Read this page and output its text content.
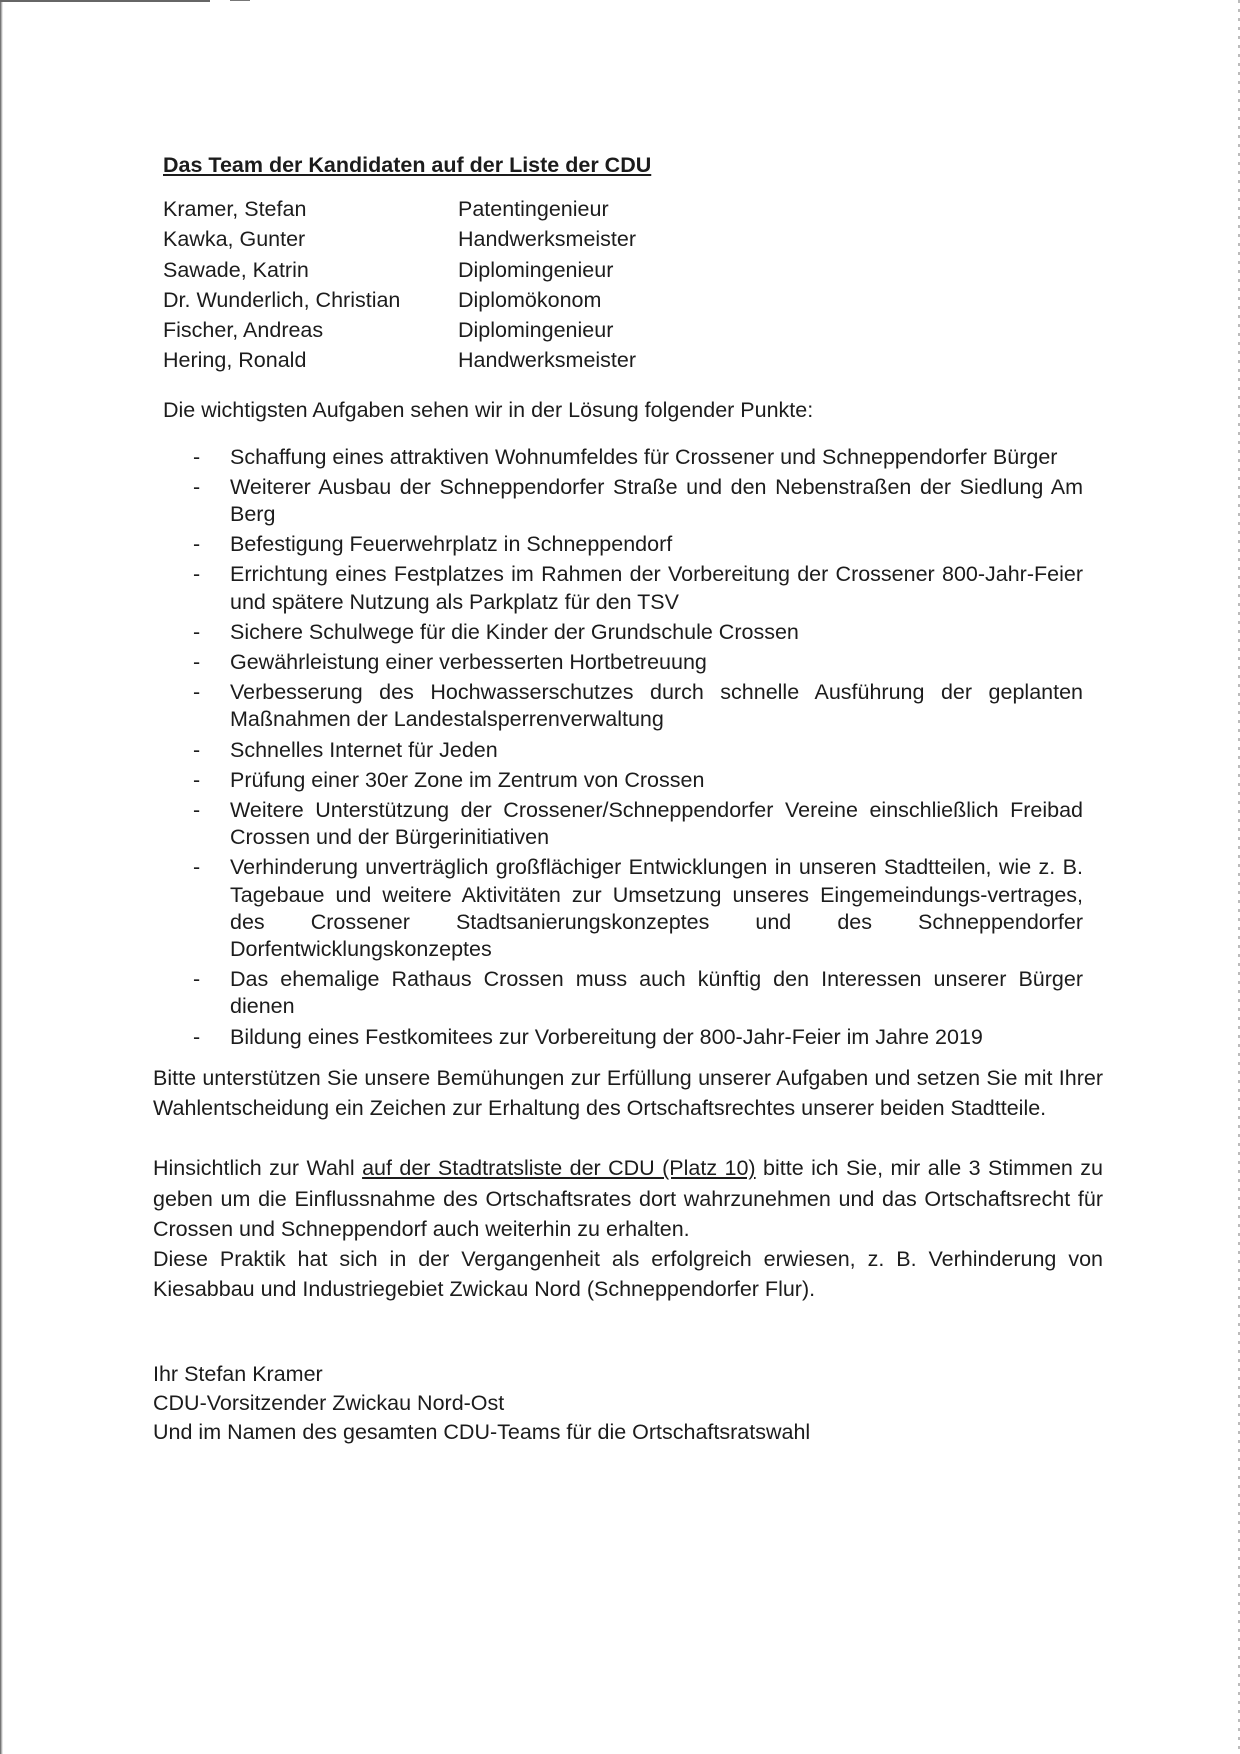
Das Team der Kandidaten auf der Liste der CDU
Kramer, Stefan	Patentingenieur
Kawka, Gunter	Handwerksmeister
Sawade, Katrin	Diplomingenieur
Dr. Wunderlich, Christian	Diplomökonom
Fischer, Andreas	Diplomingenieur
Hering, Ronald	Handwerksmeister
Die wichtigsten Aufgaben sehen wir in der Lösung folgender Punkte:
- Schaffung eines attraktiven Wohnumfeldes für Crossener und Schneppendorfer Bürger
- Weiterer Ausbau der Schneppendorfer Straße und den Nebenstraßen der Siedlung Am Berg
- Befestigung Feuerwehrplatz in Schneppendorf
- Errichtung eines Festplatzes im Rahmen der Vorbereitung der Crossener 800-Jahr-Feier und spätere Nutzung als Parkplatz für den TSV
- Sichere Schulwege für die Kinder der Grundschule Crossen
- Gewährleistung einer verbesserten Hortbetreuung
- Verbesserung des Hochwasserschutzes durch schnelle Ausführung der geplanten Maßnahmen der Landestalsperrenverwaltung
- Schnelles Internet für Jeden
- Prüfung einer 30er Zone im Zentrum von Crossen
- Weitere Unterstützung der Crossener/Schneppendorfer Vereine einschließlich Freibad Crossen und der Bürgerinitiativen
- Verhinderung unverträglich großflächiger Entwicklungen in unseren Stadtteilen, wie z. B. Tagebaue und weitere Aktivitäten zur Umsetzung unseres Eingemeindungs-vertrages, des Crossener Stadtsanierungskonzeptes und des Schneppendorfer Dorfentwicklungskonzeptes
- Das ehemalige Rathaus Crossen muss auch künftig den Interessen unserer Bürger dienen
- Bildung eines Festkomitees zur Vorbereitung der 800-Jahr-Feier im Jahre 2019

Bitte unterstützen Sie unsere Bemühungen zur Erfüllung unserer Aufgaben und setzen Sie mit Ihrer Wahlentscheidung ein Zeichen zur Erhaltung des Ortschaftsrechtes unserer beiden Stadtteile.

Hinsichtlich zur Wahl auf der Stadtratsliste der CDU (Platz 10) bitte ich Sie, mir alle 3 Stimmen zu geben um die Einflussnahme des Ortschaftsrates dort wahrzunehmen und das Ortschaftsrecht für Crossen und Schneppendorf auch weiterhin zu erhalten.
Diese Praktik hat sich in der Vergangenheit als erfolgreich erwiesen, z. B. Verhinderung von Kiesabbau und Industriegebiet Zwickau Nord (Schneppendorfer Flur).

Ihr Stefan Kramer
CDU-Vorsitzender Zwickau Nord-Ost
Und im Namen des gesamten CDU-Teams für die Ortschaftsratswahl
